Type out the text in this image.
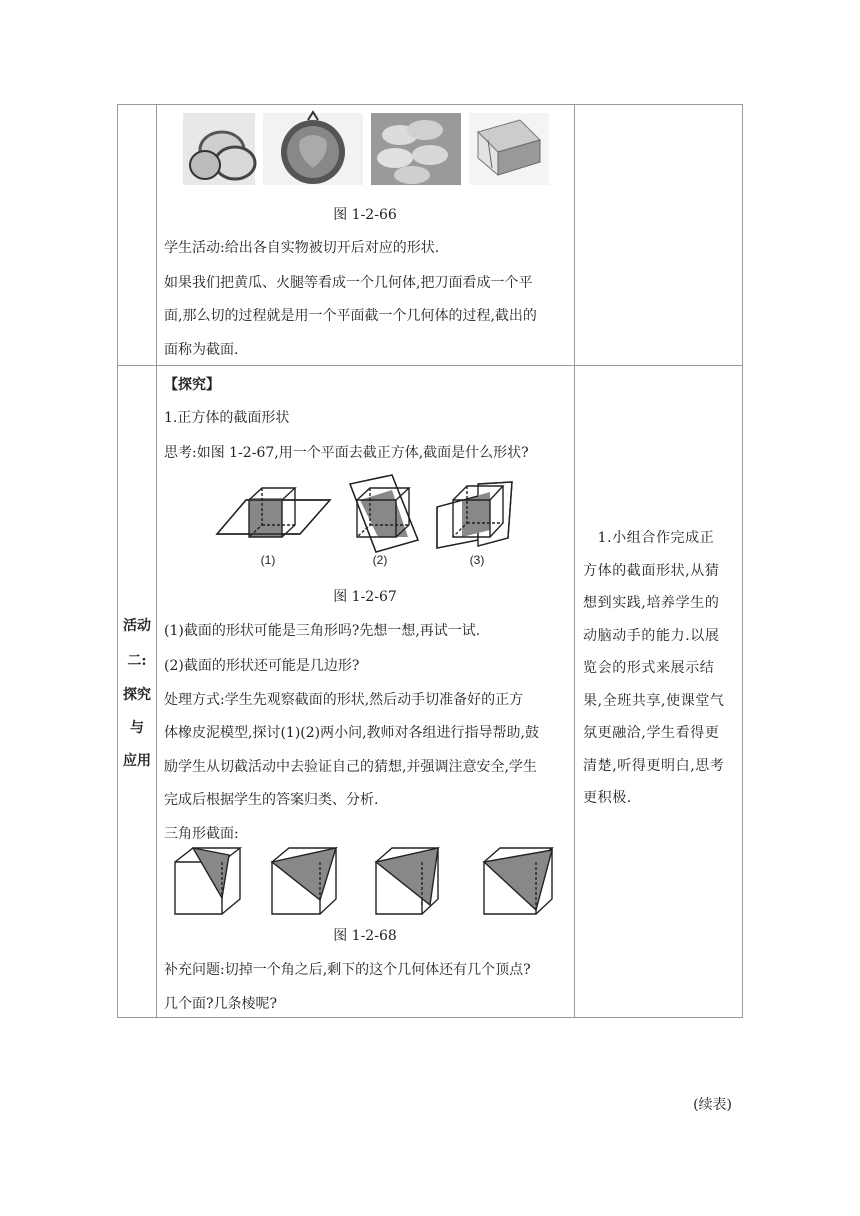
图 1-2-66
学生活动:给出各自实物被切开后对应的形状.
如果我们把黄瓜、火腿等看成一个几何体,把刀面看成一个平
面,那么切的过程就是用一个平面截一个几何体的过程,截出的
面称为截面.
活动
二:
探究
与
应用
【探究】
1.正方体的截面形状
思考:如图 1-2-67,用一个平面去截正方体,截面是什么形状?
(1)	(2)	(3)
图 1-2-67
(1)截面的形状可能是三角形吗?先想一想,再试一试.
(2)截面的形状还可能是几边形?
处理方式:学生先观察截面的形状,然后动手切准备好的正方
体橡皮泥模型,探讨(1)(2)两小问,教师对各组进行指导帮助,鼓
励学生从切截活动中去验证自己的猜想,并强调注意安全,学生
完成后根据学生的答案归类、分析.
三角形截面:
图 1-2-68
补充问题:切掉一个角之后,剩下的这个几何体还有几个顶点?
几个面?几条棱呢?
　1.小组合作完成正
方体的截面形状,从猜
想到实践,培养学生的
动脑动手的能力.以展
览会的形式来展示结
果,全班共享,使课堂气
氛更融洽,学生看得更
清楚,听得更明白,思考
更积极.
(续表)
